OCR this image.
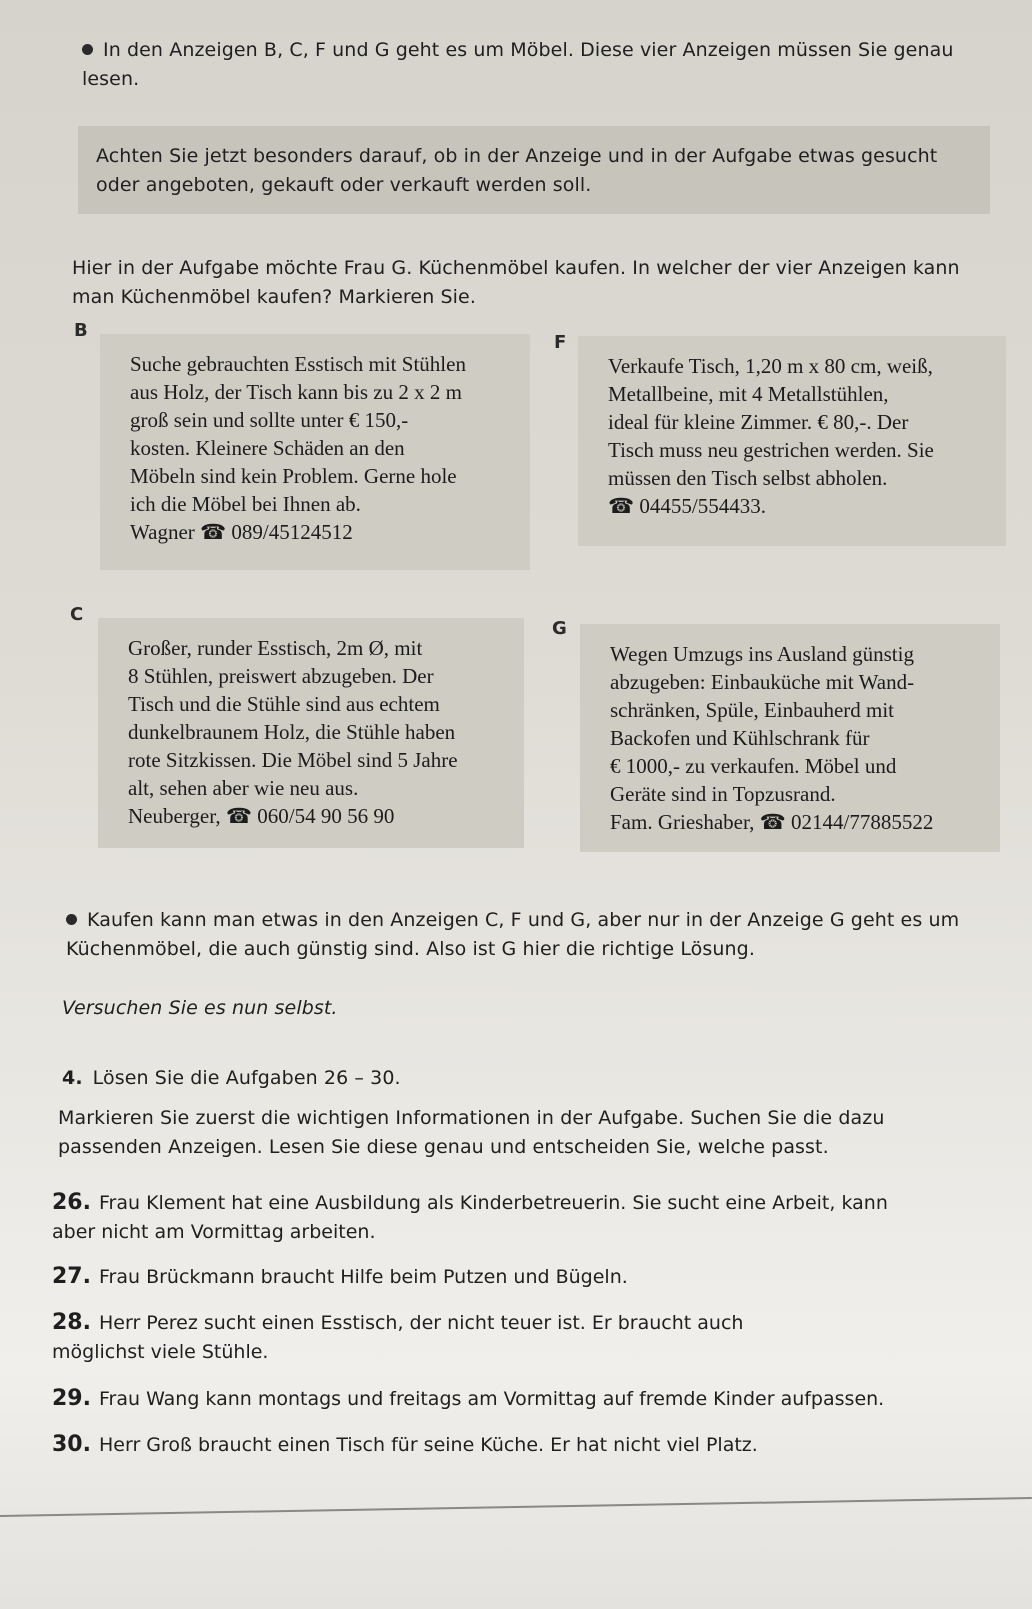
In den Anzeigen B, C, F und G geht es um Möbel. Diese vier Anzeigen müssen Sie genau lesen.
Achten Sie jetzt besonders darauf, ob in der Anzeige und in der Aufgabe etwas gesucht oder angeboten, gekauft oder verkauft werden soll.
Hier in der Aufgabe möchte Frau G. Küchenmöbel kaufen. In welcher der vier Anzeigen kann man Küchenmöbel kaufen? Markieren Sie.
B

Suche gebrauchten Esstisch mit Stühlen

aus Holz, der Tisch kann bis zu 2 x 2 m

groß sein und sollte unter € 150,-

kosten. Kleinere Schäden an den

Möbeln sind kein Problem. Gerne hole

ich die Möbel bei Ihnen ab.

Wagner ☎ 089/45124512

F

Verkaufe Tisch, 1,20 m x 80 cm, weiß,

Metallbeine, mit 4 Metallstühlen,

ideal für kleine Zimmer. € 80,-. Der

Tisch muss neu gestrichen werden. Sie

müssen den Tisch selbst abholen.

☎ 04455/554433.

C

Großer, runder Esstisch, 2m Ø, mit

8 Stühlen, preiswert abzugeben. Der

Tisch und die Stühle sind aus echtem

dunkelbraunem Holz, die Stühle haben

rote Sitzkissen. Die Möbel sind 5 Jahre

alt, sehen aber wie neu aus.

Neuberger, ☎ 060/54 90 56 90

G

Wegen Umzugs ins Ausland günstig

abzugeben: Einbauküche mit Wand-

schränken, Spüle, Einbauherd mit

Backofen und Kühlschrank für

€ 1000,- zu verkaufen. Möbel und

Geräte sind in Topzusrand.

Fam. Grieshaber, ☎ 02144/77885522

Kaufen kann man etwas in den Anzeigen C, F und G, aber nur in der Anzeige G geht es um Küchenmöbel, die auch günstig sind. Also ist G hier die richtige Lösung.
Versuchen Sie es nun selbst.
4. Lösen Sie die Aufgaben 26 – 30.
Markieren Sie zuerst die wichtigen Informationen in der Aufgabe. Suchen Sie die dazu passenden Anzeigen. Lesen Sie diese genau und entscheiden Sie, welche passt.
26. Frau Klement hat eine Ausbildung als Kinderbetreuerin. Sie sucht eine Arbeit, kann aber nicht am Vormittag arbeiten.
27. Frau Brückmann braucht Hilfe beim Putzen und Bügeln.
28. Herr Perez sucht einen Esstisch, der nicht teuer ist. Er braucht auch möglichst viele Stühle.
29. Frau Wang kann montags und freitags am Vormittag auf fremde Kinder aufpassen.
30. Herr Groß braucht einen Tisch für seine Küche. Er hat nicht viel Platz.
